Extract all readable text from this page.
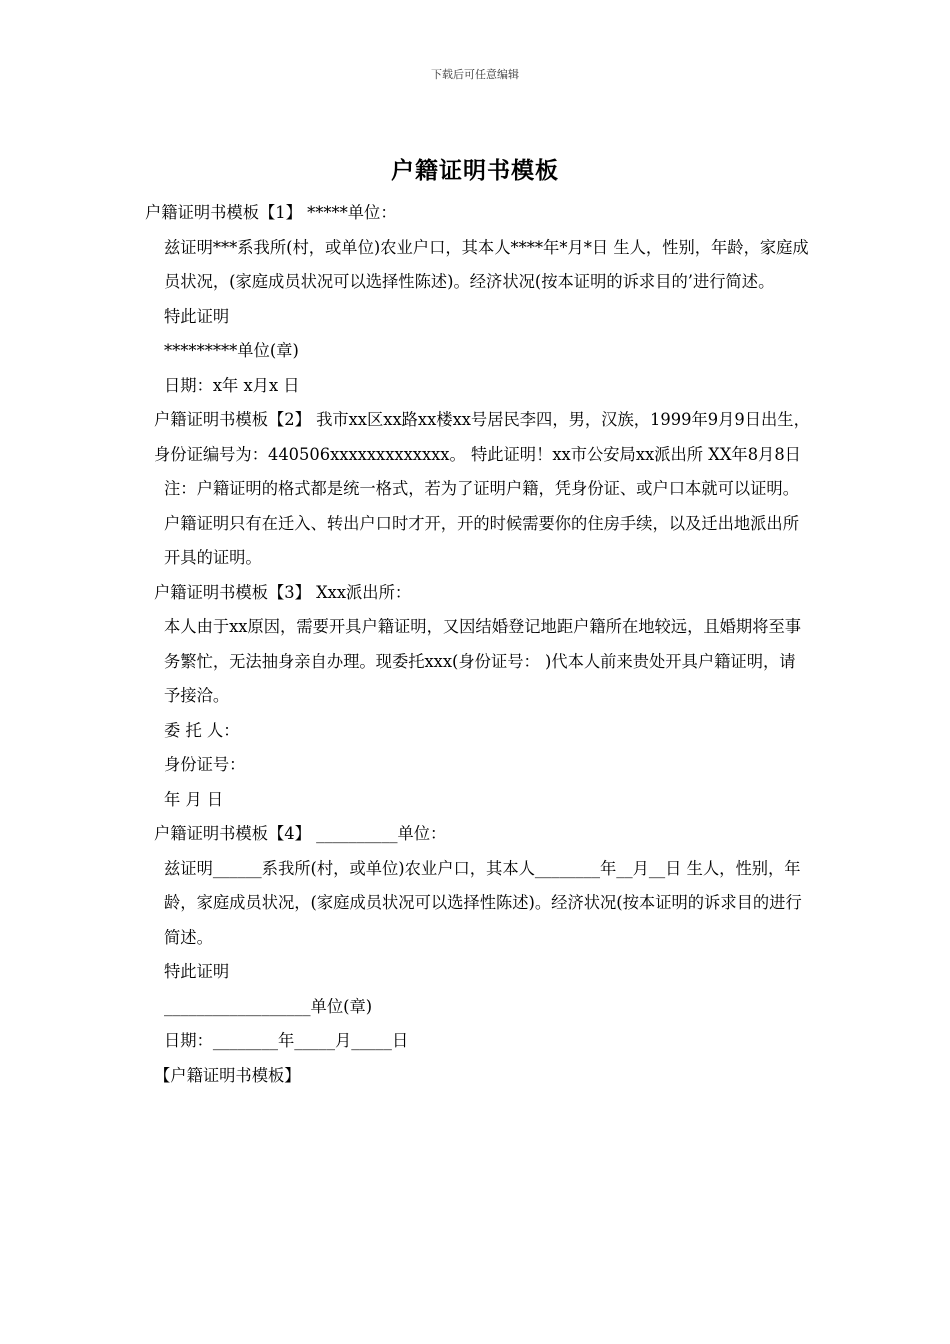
下载后可任意编辑
户籍证明书模板

户籍证明书模板【1】 *****单位：

兹证明***系我所(村，或单位)农业户口，其本人****年*月*日 生人，性别，年龄，家庭成员状况，(家庭成员状况可以选择性陈述)。经济状况(按本证明的诉求目的’进行简述。

特此证明

*********单位(章)

日期：x年 x月x 日

户籍证明书模板【2】 我市xx区xx路xx楼xx号居民李四，男，汉族，1999年9月9日出生，身份证编号为：440506xxxxxxxxxxxxx。 特此证明！xx市公安局xx派出所 XX年8月8日

注：户籍证明的格式都是统一格式，若为了证明户籍，凭身份证、或户口本就可以证明。户籍证明只有在迁入、转出户口时才开，开的时候需要你的住房手续，以及迁出地派出所开具的证明。

户籍证明书模板【3】 Xxx派出所：

本人由于xx原因，需要开具户籍证明，又因结婚登记地距户籍所在地较远，且婚期将至事务繁忙，无法抽身亲自办理。现委托xxx(身份证号： )代本人前来贵处开具户籍证明，请予接洽。

委 托 人：

身份证号：

年 月 日

户籍证明书模板【4】 __________单位：

兹证明______系我所(村，或单位)农业户口，其本人________年__月__日 生人，性别，年龄，家庭成员状况，(家庭成员状况可以选择性陈述)。经济状况(按本证明的诉求目的进行简述。

特此证明

__________________单位(章)

日期：________年_____月_____日

【户籍证明书模板】
